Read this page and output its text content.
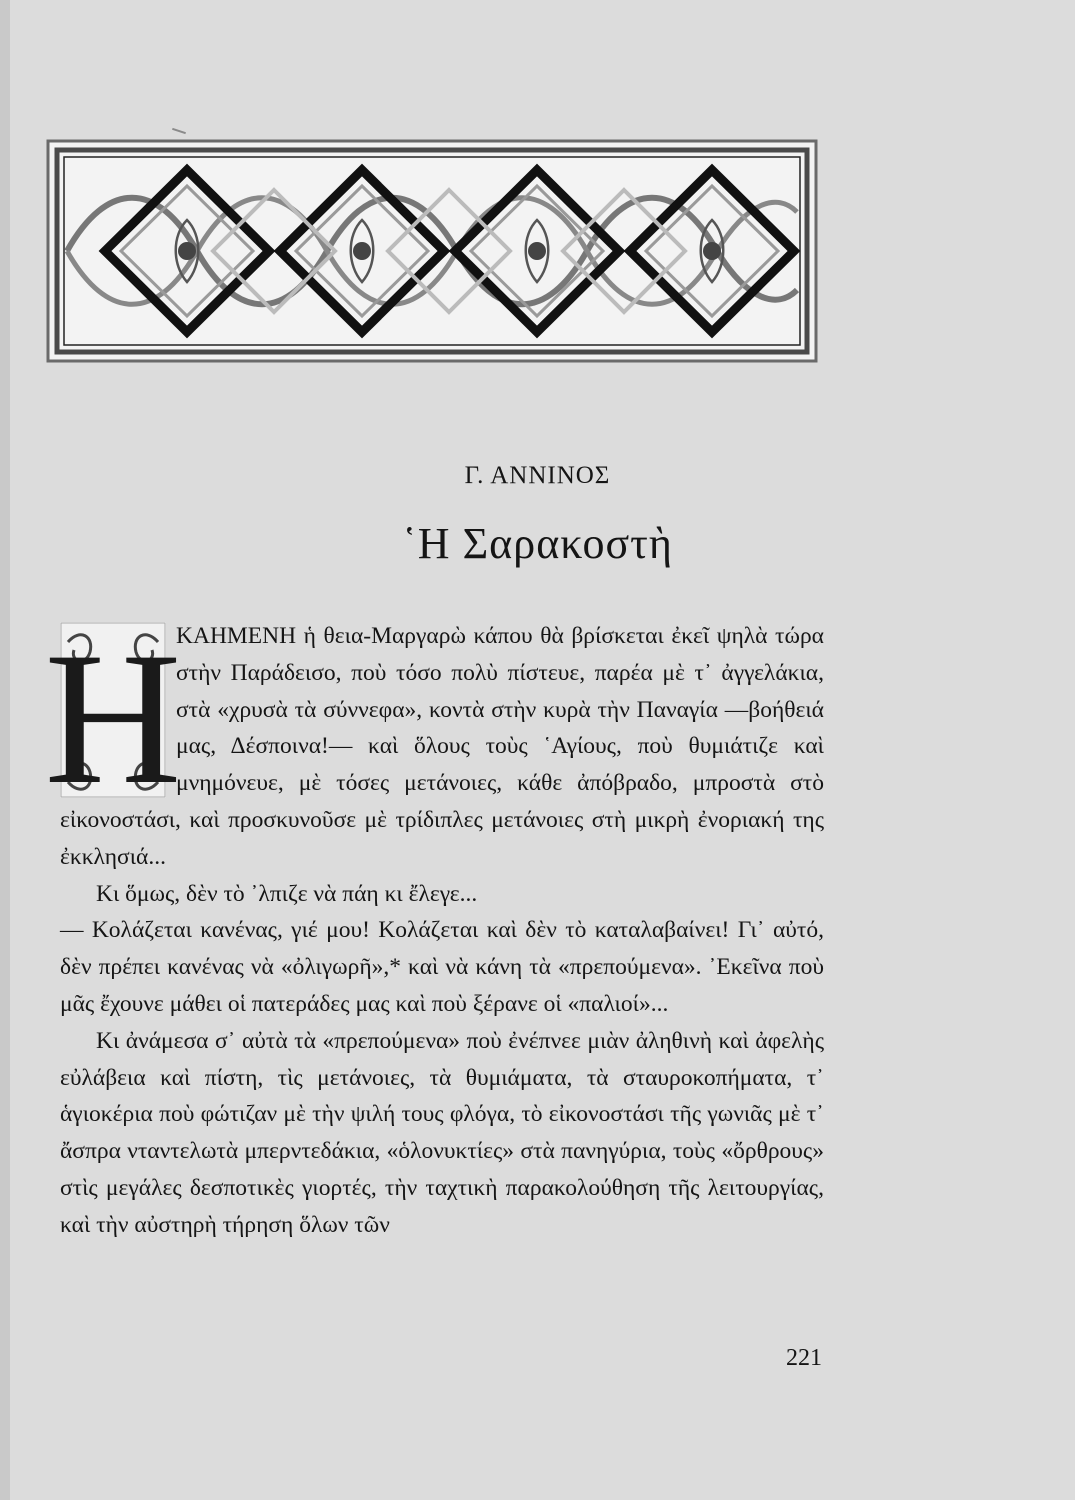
Γ. ΑΝΝΙΝΟΣ
῾Η Σαρακοστὴ
Η

ΚΑΗΜΕΝΗ ἡ θεια-Μαργαρὼ κάπου θὰ βρίσκεται ἐκεῖ ψηλὰ τώρα στὴν Παράδεισο, ποὺ τόσο πολὺ πίστευε, παρέα μὲ τ᾿ ἀγγελάκια, στὰ «χρυσὰ τὰ σύννεφα», κοντὰ στὴν κυρὰ τὴν Παναγία —βοήθειά μας, Δέσποινα!— καὶ ὅλους τοὺς ῾Αγίους, ποὺ θυμιάτιζε καὶ μνημόνευε, μὲ τόσες μετάνοιες, κάθε ἀπόβραδο, μπροστὰ στὸ εἰκονοστάσι, καὶ προσκυνοῦσε μὲ τρίδιπλες μετάνοιες στὴ μικρὴ ἐνοριακή της ἐκκλησιά...

Κι ὅμως, δὲν τὸ ᾿λπιζε νὰ πάη κι ἔλεγε...

— Κολάζεται κανένας, γιέ μου! Κολάζεται καὶ δὲν τὸ καταλαβαίνει! Γι᾿ αὐτό, δὲν πρέπει κανένας νὰ «ὀλιγωρῆ»,* καὶ νὰ κάνη τὰ «πρεπούμενα». ᾿Εκεῖνα ποὺ μᾶς ἔχουνε μάθει οἱ πατεράδες μας καὶ ποὺ ξέρανε οἱ «παλιοί»...

Κι ἀνάμεσα σ᾿ αὐτὰ τὰ «πρεπούμενα» ποὺ ἐνέπνεε μιὰν ἀληθινὴ καὶ ἀφελὴς εὐλάβεια καὶ πίστη, τὶς μετάνοιες, τὰ θυμιάματα, τὰ σταυροκοπήματα, τ᾿ ἁγιοκέρια ποὺ φώτιζαν μὲ τὴν ψιλή τους φλόγα, τὸ εἰκονοστάσι τῆς γωνιᾶς μὲ τ᾿ ἄσπρα νταντελωτὰ μπερντεδάκια, «ὁλονυκτίες» στὰ πανηγύρια, τοὺς «ὄρθρους» στὶς μεγάλες δεσποτικὲς γιορτές, τὴν ταχτικὴ παρακολούθηση τῆς λειτουργίας, καὶ τὴν αὐστηρὴ τήρηση ὅλων τῶν

221
